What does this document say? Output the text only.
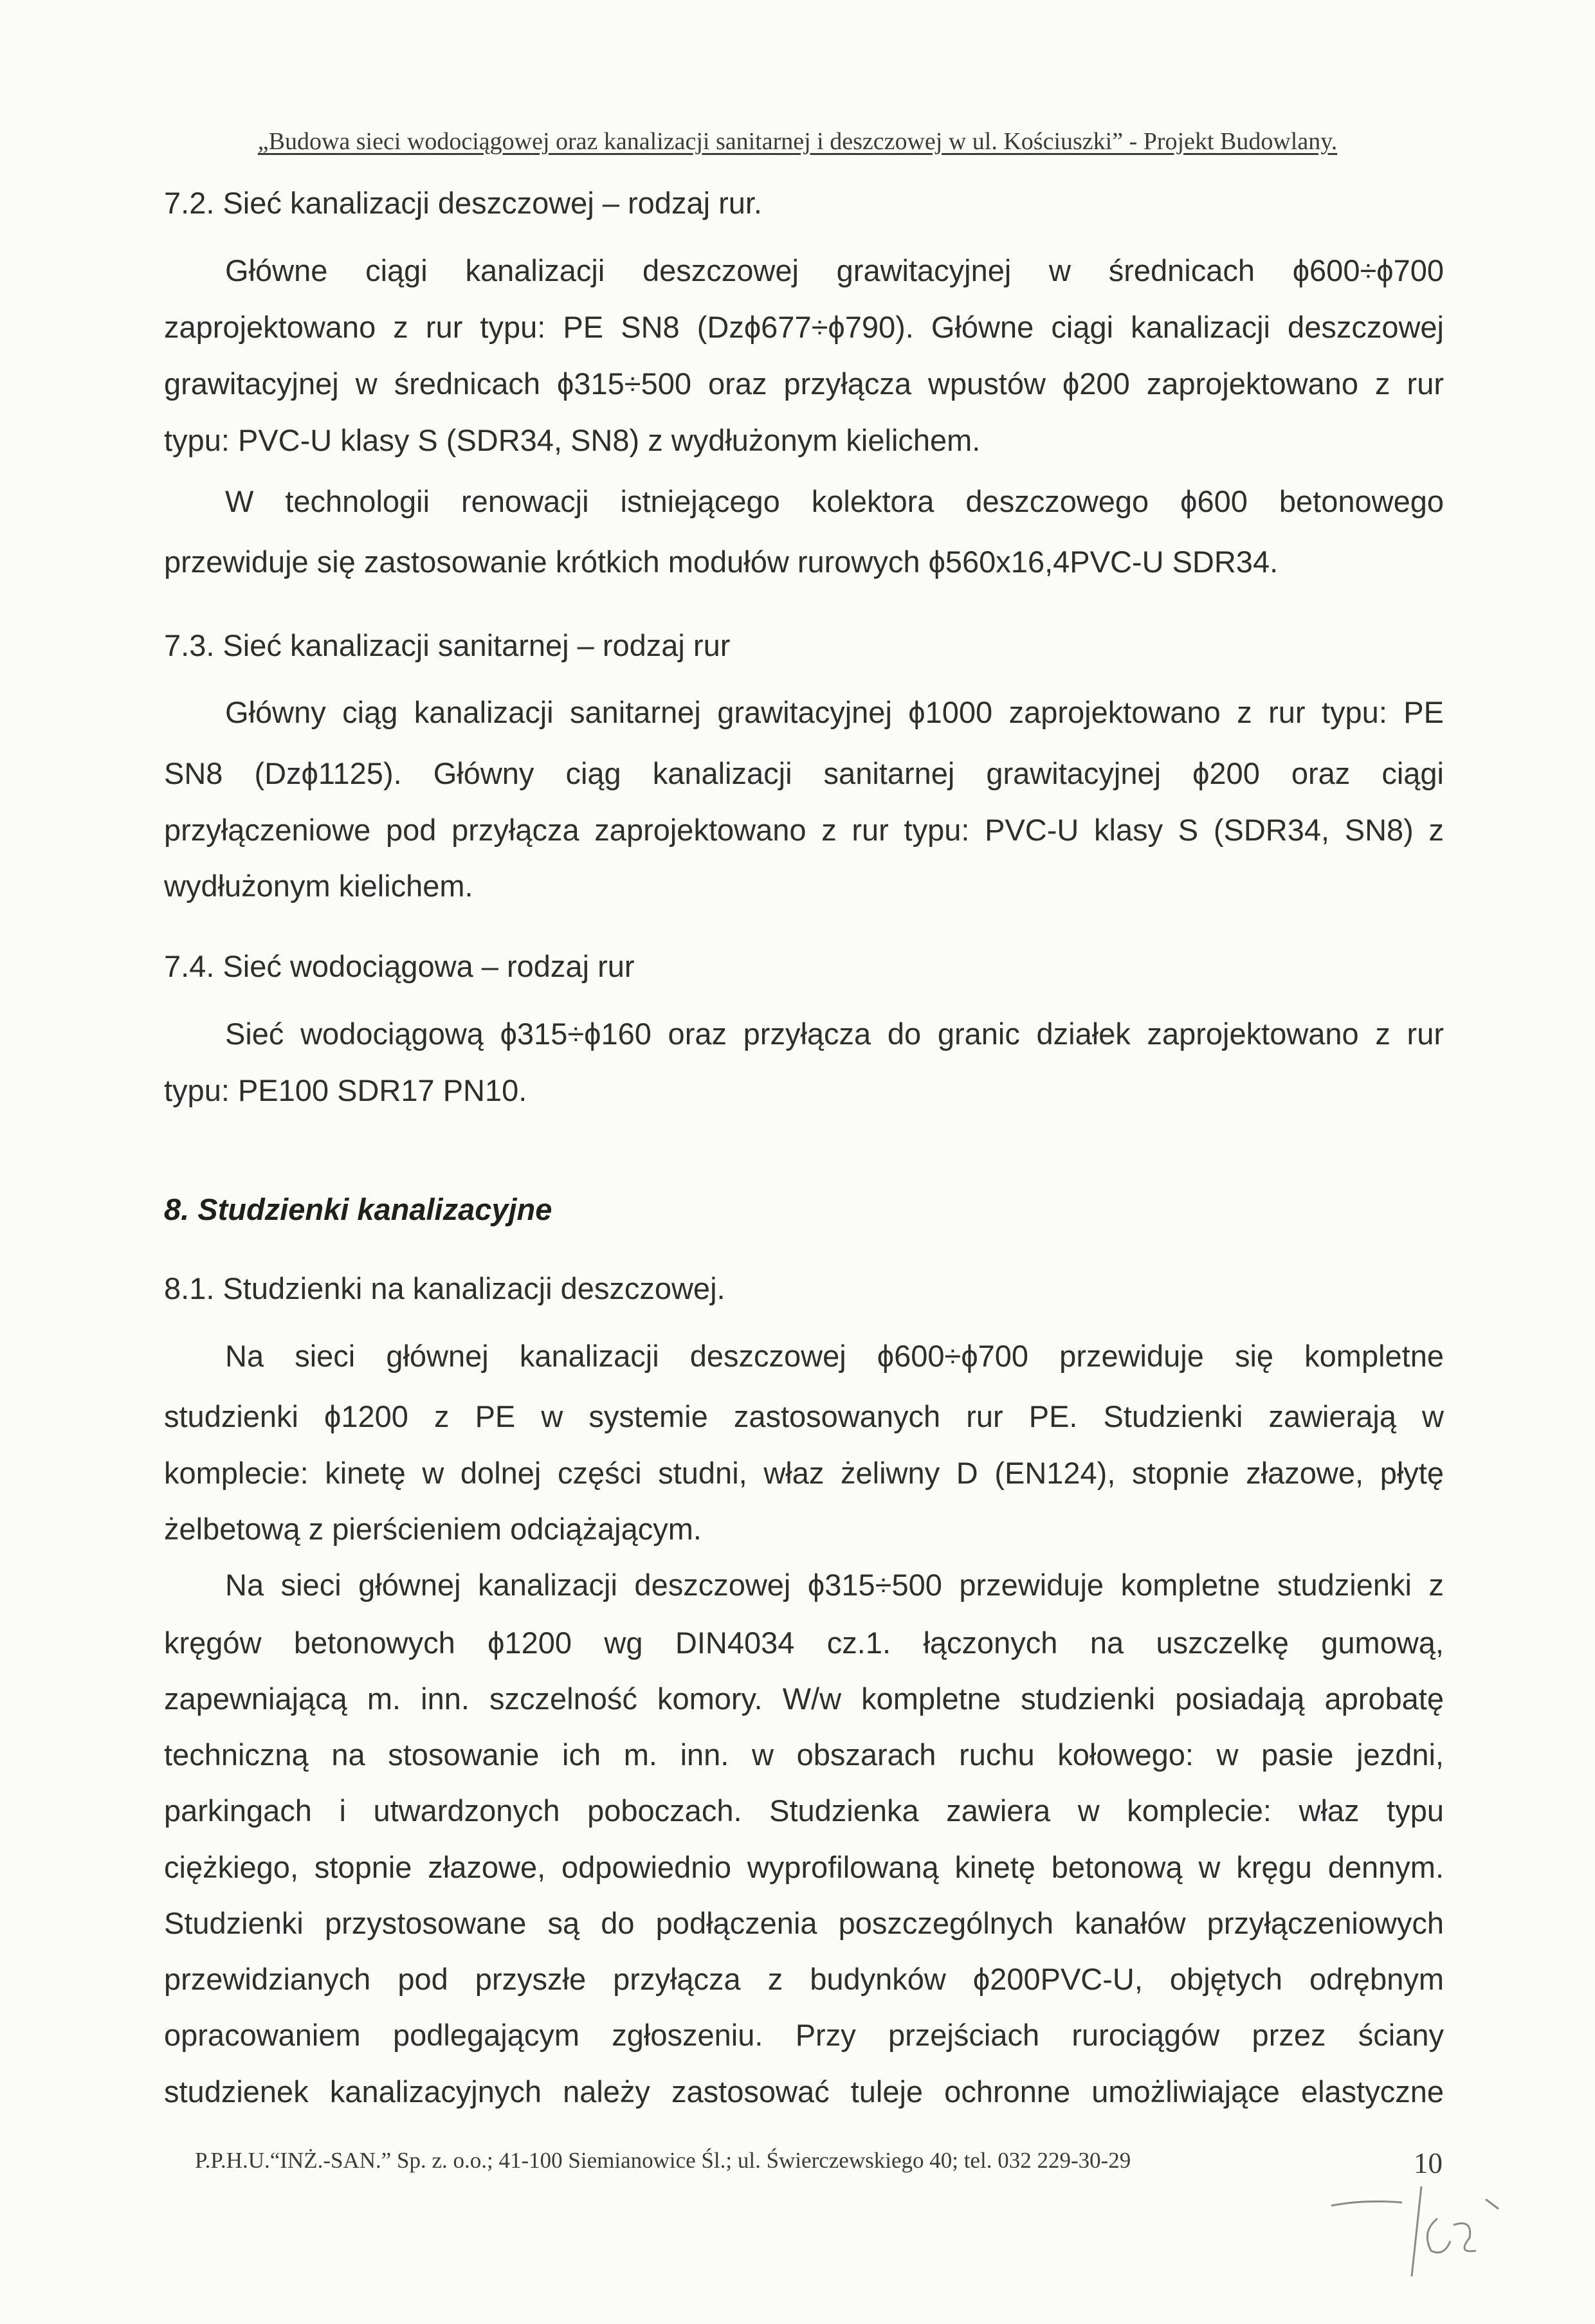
„Budowa sieci wodociągowej oraz kanalizacji sanitarnej i deszczowej w ul. Kościuszki” - Projekt Budowlany.
7.2. Sieć kanalizacji deszczowej – rodzaj rur.
Główne ciągi kanalizacji deszczowej grawitacyjnej w średnicach ϕ600÷ϕ700
zaprojektowano z rur typu: PE SN8 (Dzϕ677÷ϕ790). Główne ciągi kanalizacji deszczowej
grawitacyjnej w średnicach ϕ315÷500 oraz przyłącza wpustów ϕ200 zaprojektowano z rur
typu: PVC-U klasy S (SDR34, SN8) z wydłużonym kielichem.
W technologii renowacji istniejącego kolektora deszczowego ϕ600 betonowego
przewiduje się zastosowanie krótkich modułów rurowych ϕ560x16,4PVC-U SDR34.
7.3. Sieć kanalizacji sanitarnej – rodzaj rur
Główny ciąg kanalizacji sanitarnej grawitacyjnej ϕ1000 zaprojektowano z rur typu: PE
SN8 (Dzϕ1125). Główny ciąg kanalizacji sanitarnej grawitacyjnej ϕ200 oraz ciągi
przyłączeniowe pod przyłącza zaprojektowano z rur typu: PVC-U klasy S (SDR34, SN8) z
wydłużonym kielichem.
7.4. Sieć wodociągowa – rodzaj rur
Sieć wodociągową ϕ315÷ϕ160 oraz przyłącza do granic działek zaprojektowano z rur
typu: PE100 SDR17 PN10.
8. Studzienki kanalizacyjne
8.1. Studzienki na kanalizacji deszczowej.
Na sieci głównej kanalizacji deszczowej ϕ600÷ϕ700 przewiduje się kompletne
studzienki ϕ1200 z PE w systemie zastosowanych rur PE. Studzienki zawierają w
komplecie: kinetę w dolnej części studni, właz żeliwny D (EN124), stopnie złazowe, płytę
żelbetową z pierścieniem odciążającym.
Na sieci głównej kanalizacji deszczowej ϕ315÷500 przewiduje kompletne studzienki z
kręgów betonowych ϕ1200 wg DIN4034 cz.1. łączonych na uszczelkę gumową,
zapewniającą m. inn. szczelność komory. W/w kompletne studzienki posiadają aprobatę
techniczną na stosowanie ich m. inn. w obszarach ruchu kołowego: w pasie jezdni,
parkingach i utwardzonych poboczach. Studzienka zawiera w komplecie: właz typu
ciężkiego, stopnie złazowe, odpowiednio wyprofilowaną kinetę betonową w kręgu dennym.
Studzienki przystosowane są do podłączenia poszczególnych kanałów przyłączeniowych
przewidzianych pod przyszłe przyłącza z budynków ϕ200PVC-U, objętych odrębnym
opracowaniem podlegającym zgłoszeniu. Przy przejściach rurociągów przez ściany
studzienek kanalizacyjnych należy zastosować tuleje ochronne umożliwiające elastyczne
P.P.H.U.“INŻ.-SAN.” Sp. z. o.o.; 41-100 Siemianowice Śl.; ul. Świerczewskiego 40; tel. 032 229-30-29	10
